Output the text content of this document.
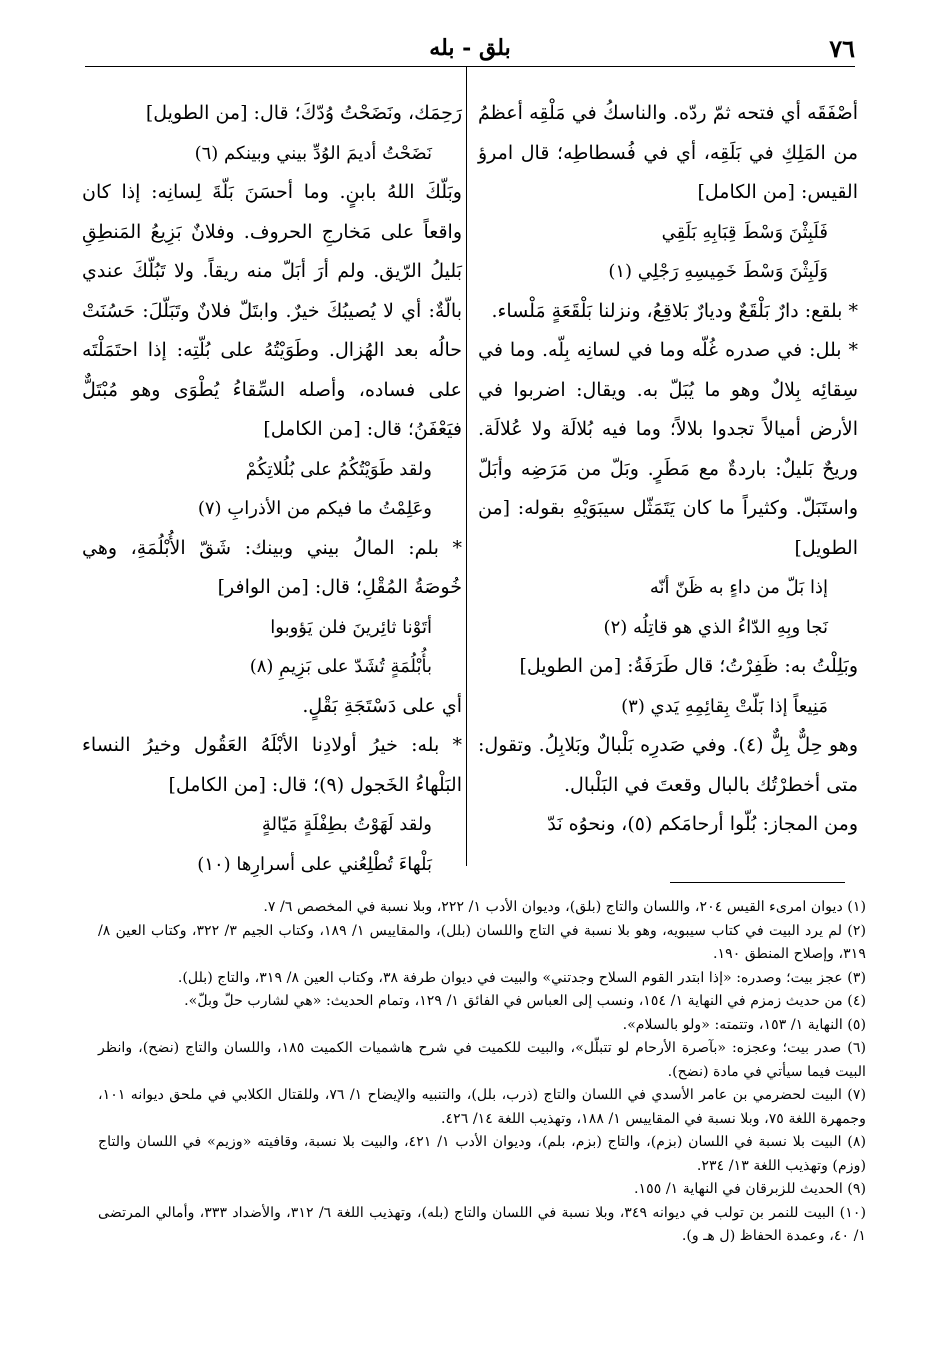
٧٦
بلق - بله

أصْفَقَه أي فتحه ثمّ ردّه. والناسكُ في مَلْقِه أعظمُ من المَلِكِ في بَلَقِه، أي في فُسطاطِه؛ قال امرؤ القيس: [من الكامل]

فَلَبِثْنَ وَسْطَ قِبَابِهِ بَلَقِي
وَلَبِثْنَ وَسْطَ خَمِيسِهِ رَجْلِي (١)

* بلقع: دارٌ بَلْقَعٌ وديارٌ بَلاقِعُ، ونزلنا بَلْقَعَةٍ مَلْساء.

* بلل: في صدره غُلّه وما في لسانِه بِلّه. وما في سِقائِه بِلالٌ وهو ما يُبَلّ به. ويقال: اضربوا في الأرض أميالاً تجدوا بلالاً؛ وما فيه بُلالَة ولا عُلالَة. وريحٌ بَليلٌ: باردةٌ مع مَطَرٍ. وبَلّ من مَرَضِه وأبَلّ واستَبَلّ. وكثيراً ما كان يَتَمَثّل سيبَوَيْهِ بقوله: [من الطويل]

إذا بَلّ من داءٍ به ظَنّ أنّه
نَجا وبِهِ الدّاءُ الذي هو قاتِلُه (٢)

وبَلِلْتُ به: ظَفِرْتُ؛ قال طَرَفَةُ: [من الطويل]

مَنِيعاً إذا بَلّتْ بِقائِمِهِ يَدي (٣)

وهو حِلٌّ بِلٌّ (٤). وفي صَدرِه بَلْبالٌ وبَلابِلُ. وتقول: متى أخطرْتُك بالبال وقعتَ في البَلْبال.

ومن المجاز: بُلّوا أرحامَكم (٥)، ونحوُه نَدّ

رَحِمَك، ونَضَحْتُ وُدّكَ؛ قال: [من الطويل]

نَضَحْتُ أديمَ الوُدِّ بيني وبينكم (٦)

وبَلّكَ اللهُ بابنٍ. وما أحسَنَ بَلّةَ لِسانِه: إذا كان واقعاً على مَخارجِ الحروف. وفلانٌ بَزِيعُ المَنطِقِ بَليلُ الرّيق. ولم أرَ أبَلّ منه ريقاً. ولا تَبُلّكَ عندي بالّةٌ: أي لا يُصيبُكَ خيرٌ. وابتَلّ فلانٌ وتَبَلّلَ: حَسُنَتْ حالُه بعد الهُزال. وطَوَيْتُهُ على بُلّتِه: إذا احتَمَلْتَه على فساده، وأصله السِّقاءُ يُطْوَى وهو مُبْتَلٌّ فيَعْفَنُ؛ قال: [من الكامل]

ولقد طَوَيْتُكُمُ على بُلُلاتِكُمْ
وعَلِمْتُ ما فيكم من الأذرابِ (٧)

* بلم: المالُ بيني وبينك: شَقّ الأُبْلُمَةِ، وهي خُوصَةُ المُقْلِ؛ قال: [من الوافر]

أتَوْنا ثائِرينَ فلن يَؤوبوا
بأُبْلُمَةٍ تُشَدّ على بَزِيمِ (٨)

أي على دَسْتَجَةِ بَقْلٍ.

* بله: خيرُ أولادِنا الأبْلَهُ العَقُول وخيرُ النساء البَلْهاءُ الخَجول (٩)؛ قال: [من الكامل]

ولقد لَهَوْتُ بطِفْلَةٍ مَيّالةٍ
بَلْهاءَ تُطْلِعُني على أسرارِها (١٠)

(١) ديوان امرىء القيس ٢٠٤، واللسان والتاج (بلق)، وديوان الأدب ١/ ٢٢٢، وبلا نسبة في المخصص ٦/ ٧.

(٢) لم يرد البيت في كتاب سيبويه، وهو بلا نسبة في التاج واللسان (بلل)، والمقاييس ١/ ١٨٩، وكتاب الجيم ٣/ ٣٢٢، وكتاب العين ٨/ ٣١٩، وإصلاح المنطق ١٩٠.

(٣) عجز بيت؛ وصدره: «إذا ابتدر القوم السلاح وجدتني» والبيت في ديوان طرفة ٣٨، وكتاب العين ٨/ ٣١٩، والتاج (بلل).

(٤) من حديث زمزم في النهاية ١/ ١٥٤، ونسب إلى العباس في الفائق ١/ ١٢٩، وتمام الحديث: «هي لشارب حلّ وبلّ».

(٥) النهاية ١/ ١٥٣، وتتمته: «ولو بالسلام».

(٦) صدر بيت؛ وعجزه: «بآصرة الأرحام لو تتبلّل»، والبيت للكميت في شرح هاشميات الكميت ١٨٥، واللسان والتاج (نضح)، وانظر البيت فيما سيأتي في مادة (نضح).

(٧) البيت لحضرمي بن عامر الأسدي في اللسان والتاج (ذرب، بلل)، والتنبيه والإيضاح ١/ ٧٦، وللقتال الكلابي في ملحق ديوانه ١٠١، وجمهرة اللغة ٧٥، وبلا نسبة في المقاييس ١/ ١٨٨، وتهذيب اللغة ١٤/ ٤٢٦.

(٨) البيت بلا نسبة في اللسان (بزم)، والتاج (بزم، بلم)، وديوان الأدب ١/ ٤٢١، والبيت بلا نسبة، وقافيته «وزيم» في اللسان والتاج (وزم) وتهذيب اللغة ١٣/ ٢٣٤.

(٩) الحديث للزبرقان في النهاية ١/ ١٥٥.

(١٠) البيت للنمر بن تولب في ديوانه ٣٤٩، وبلا نسبة في اللسان والتاج (بله)، وتهذيب اللغة ٦/ ٣١٢، والأضداد ٣٣٣، وأمالي المرتضى ١/ ٤٠، وعمدة الحفاظ (ل هـ و).
